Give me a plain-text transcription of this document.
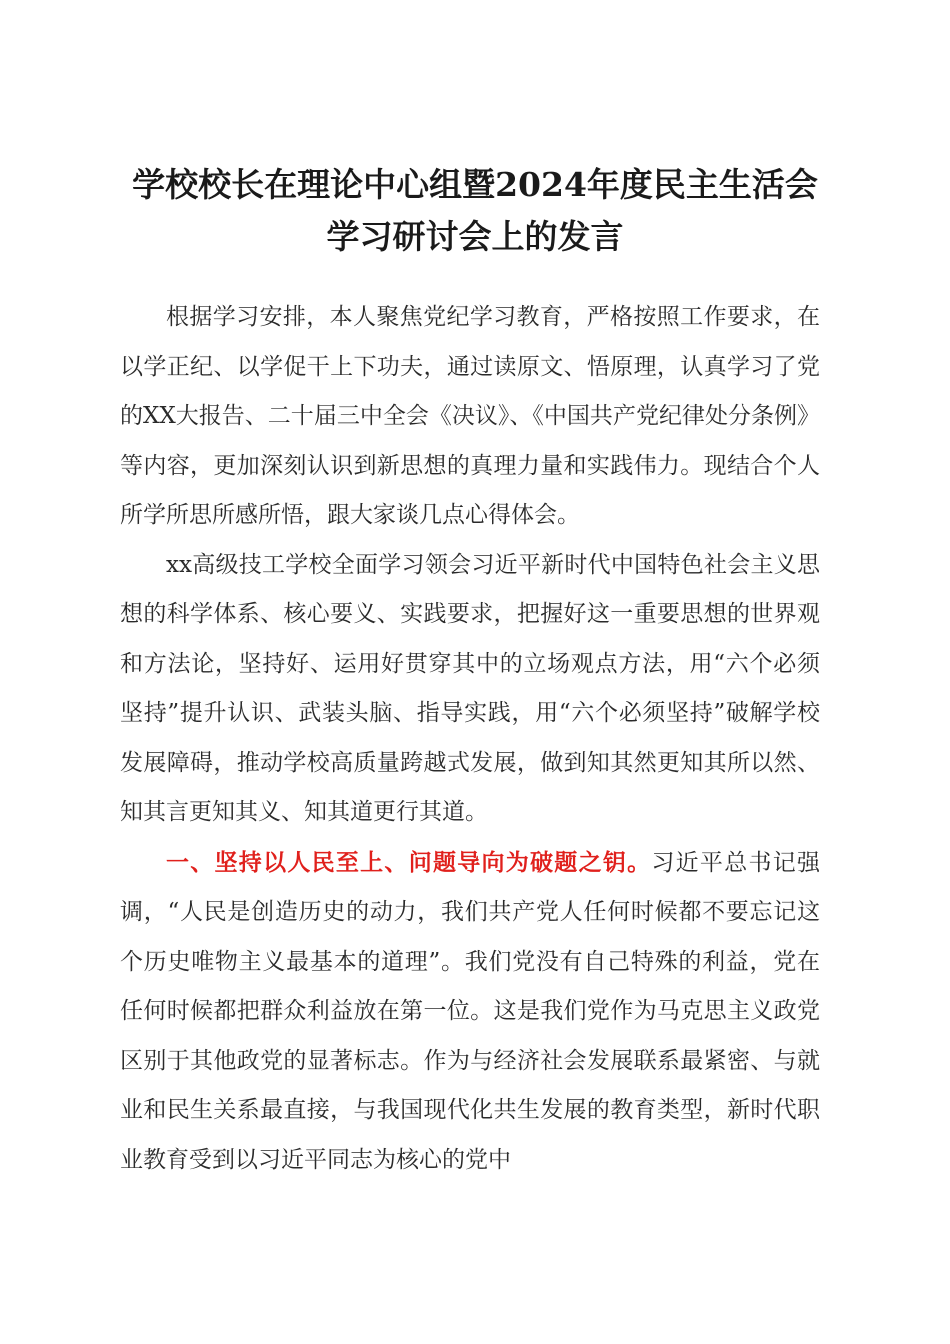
学校校长在理论中心组暨2024年度民主生活会
学习研讨会上的发言

根据学习安排，本人聚焦党纪学习教育，严格按照工作要求，在以学正纪、以学促干上下功夫，通过读原文、悟原理，认真学习了党的XX大报告、二十届三中全会《决议》、《中国共产党纪律处分条例》等内容，更加深刻认识到新思想的真理力量和实践伟力。现结合个人所学所思所感所悟，跟大家谈几点心得体会。

xx高级技工学校全面学习领会习近平新时代中国特色社会主义思想的科学体系、核心要义、实践要求，把握好这一重要思想的世界观和方法论，坚持好、运用好贯穿其中的立场观点方法，用“六个必须坚持”提升认识、武装头脑、指导实践，用“六个必须坚持”破解学校发展障碍，推动学校高质量跨越式发展，做到知其然更知其所以然、知其言更知其义、知其道更行其道。

一、坚持以人民至上、问题导向为破题之钥。习近平总书记强调，“人民是创造历史的动力，我们共产党人任何时候都不要忘记这个历史唯物主义最基本的道理”。我们党没有自己特殊的利益，党在任何时候都把群众利益放在第一位。这是我们党作为马克思主义政党区别于其他政党的显著标志。作为与经济社会发展联系最紧密、与就业和民生关系最直接，与我国现代化共生发展的教育类型，新时代职业教育受到以习近平同志为核心的党中
